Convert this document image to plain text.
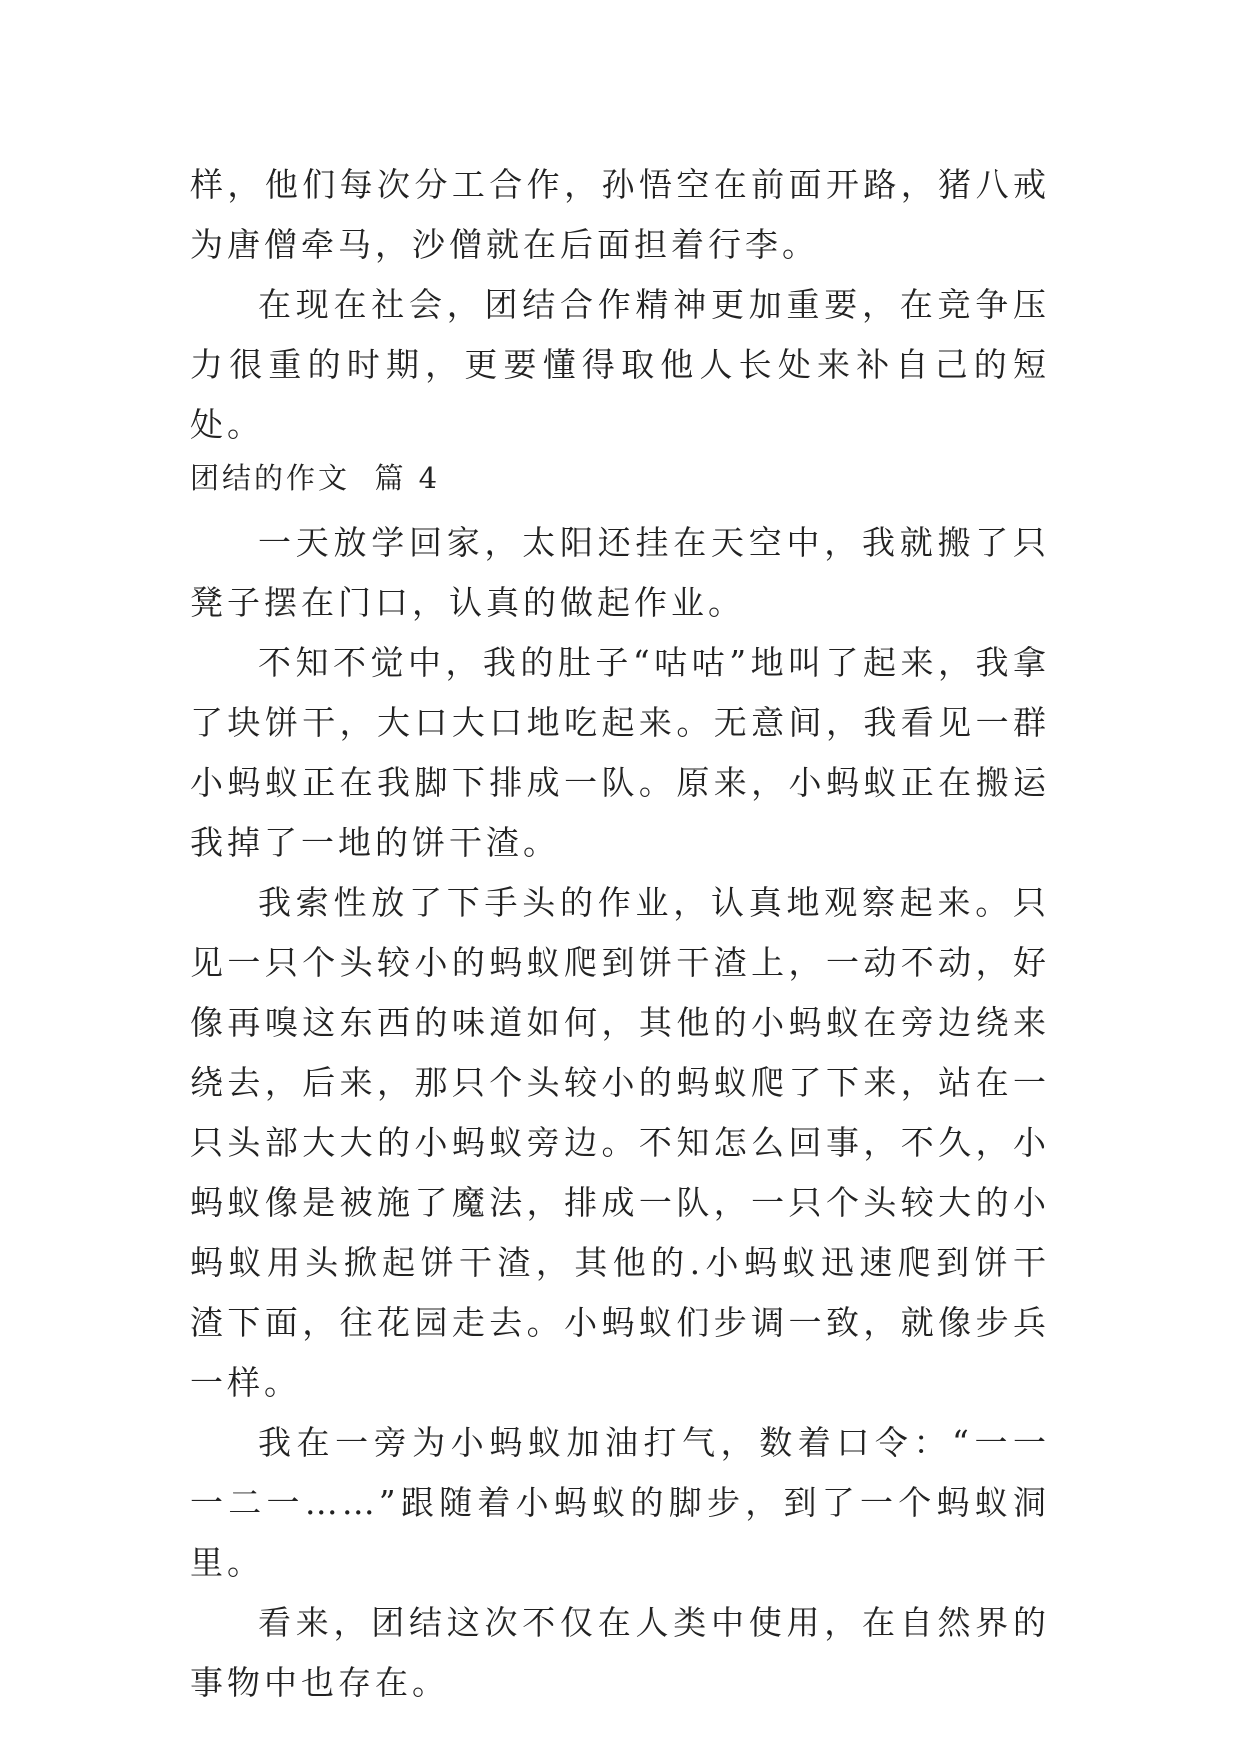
样，他们每次分工合作，孙悟空在前面开路，猪八戒为唐僧牵马，沙僧就在后面担着行李。

在现在社会，团结合作精神更加重要，在竞争压力很重的时期，更要懂得取他人长处来补自己的短处。

团结的作文 篇 4

一天放学回家，太阳还挂在天空中，我就搬了只凳子摆在门口，认真的做起作业。

不知不觉中，我的肚子“咕咕”地叫了起来，我拿了块饼干，大口大口地吃起来。无意间，我看见一群小蚂蚁正在我脚下排成一队。原来，小蚂蚁正在搬运我掉了一地的饼干渣。

我索性放了下手头的作业，认真地观察起来。只见一只个头较小的蚂蚁爬到饼干渣上，一动不动，好像再嗅这东西的味道如何，其他的小蚂蚁在旁边绕来绕去，后来，那只个头较小的蚂蚁爬了下来，站在一只头部大大的小蚂蚁旁边。不知怎么回事，不久，小蚂蚁像是被施了魔法，排成一队，一只个头较大的小蚂蚁用头掀起饼干渣，其他的.小蚂蚁迅速爬到饼干渣下面，往花园走去。小蚂蚁们步调一致，就像步兵一样。

我在一旁为小蚂蚁加油打气，数着口令：“一一一二一……”跟随着小蚂蚁的脚步，到了一个蚂蚁洞里。

看来，团结这次不仅在人类中使用，在自然界的事物中也存在。
